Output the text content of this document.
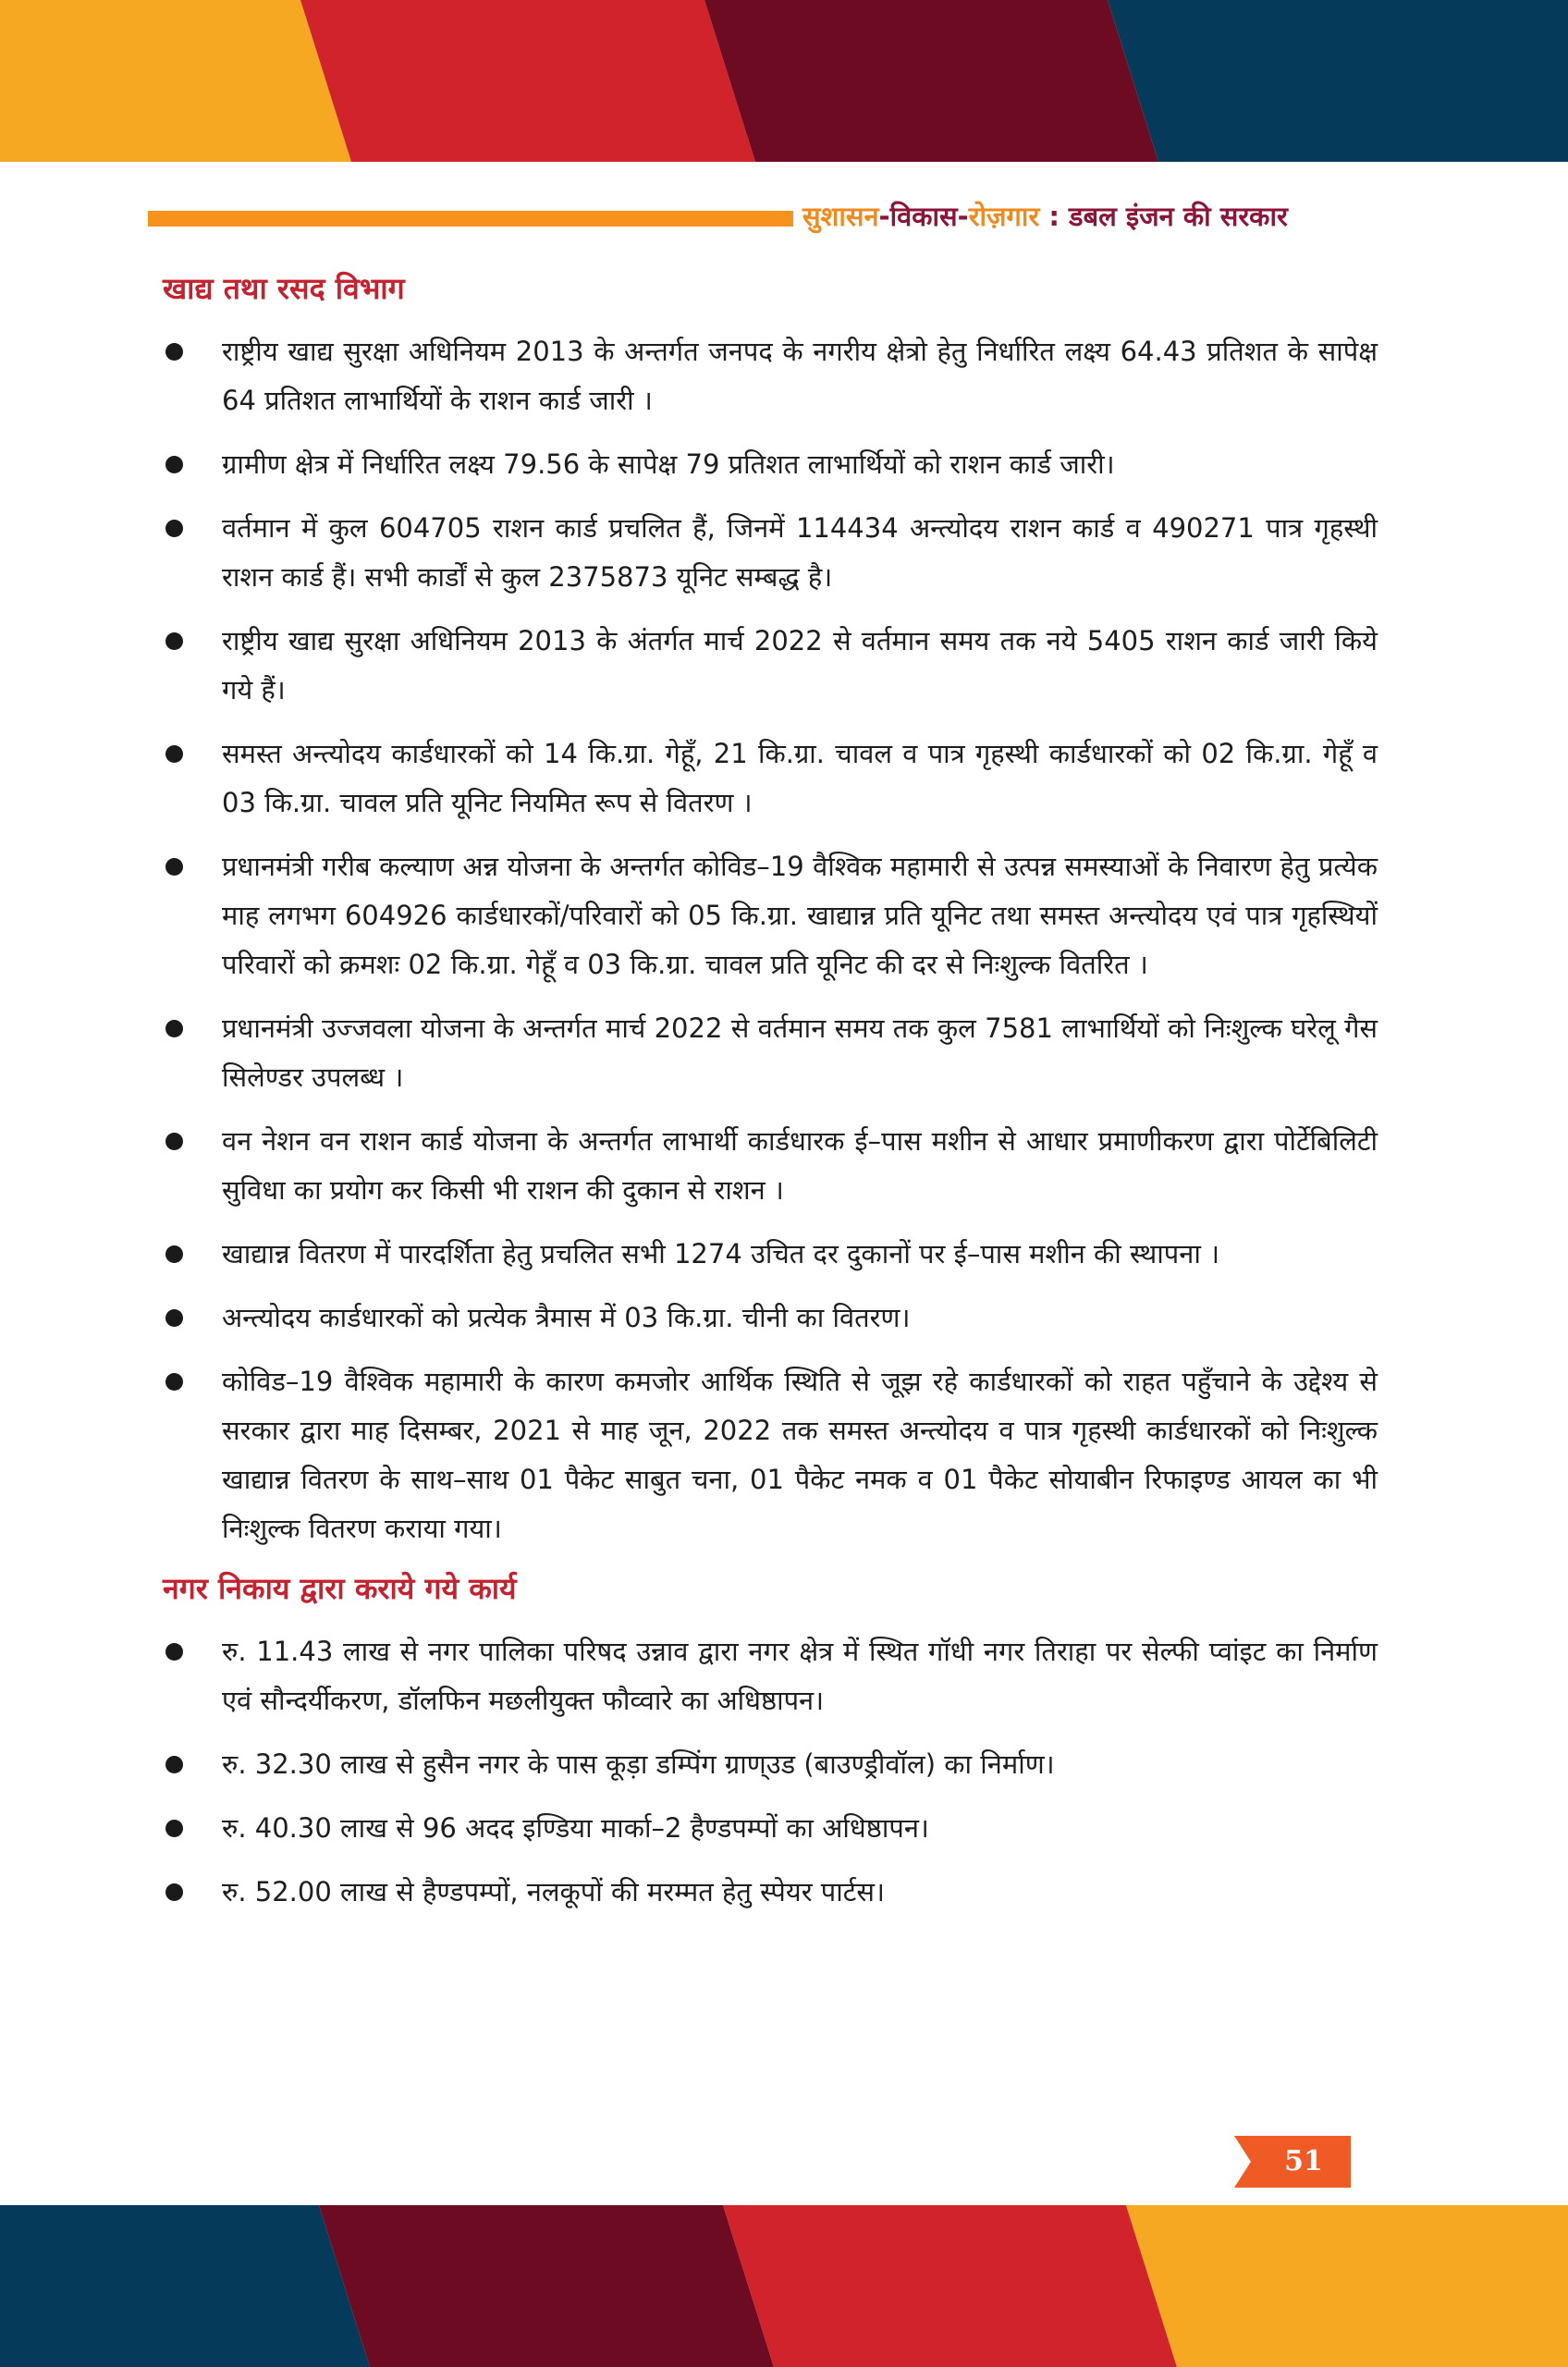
सुशासन-विकास-रोज़गार : डबल इंजन की सरकार
खाद्य तथा रसद विभाग
राष्ट्रीय खाद्य सुरक्षा अधिनियम 2013 के अन्तर्गत जनपद के नगरीय क्षेत्रो हेतु निर्धारित लक्ष्य 64.43 प्रतिशत के सापेक्ष 64 प्रतिशत लाभार्थियों के राशन कार्ड जारी ।
ग्रामीण क्षेत्र में निर्धारित लक्ष्य 79.56 के सापेक्ष 79 प्रतिशत लाभार्थियों को राशन कार्ड जारी।
वर्तमान में कुल 604705 राशन कार्ड प्रचलित हैं, जिनमें 114434 अन्त्योदय राशन कार्ड व 490271 पात्र गृहस्थी राशन कार्ड हैं। सभी कार्डों से कुल 2375873 यूनिट सम्बद्ध है।
राष्ट्रीय खाद्य सुरक्षा अधिनियम 2013 के अंतर्गत मार्च 2022 से वर्तमान समय तक नये 5405 राशन कार्ड जारी किये गये हैं।
समस्त अन्त्योदय कार्डधारकों को 14 कि.ग्रा. गेहूँ, 21 कि.ग्रा. चावल व पात्र गृहस्थी कार्डधारकों को 02 कि.ग्रा. गेहूँ व 03 कि.ग्रा. चावल प्रति यूनिट नियमित रूप से वितरण ।
प्रधानमंत्री गरीब कल्याण अन्न योजना के अन्तर्गत कोविड–19 वैश्विक महामारी से उत्पन्न समस्याओं के निवारण हेतु प्रत्येक माह लगभग 604926 कार्डधारकों/परिवारों को 05 कि.ग्रा. खाद्यान्न प्रति यूनिट तथा समस्त अन्त्योदय एवं पात्र गृहस्थियों परिवारों को क्रमशः 02 कि.ग्रा. गेहूँ व 03 कि.ग्रा. चावल प्रति यूनिट की दर से निःशुल्क वितरित ।
प्रधानमंत्री उज्जवला योजना के अन्तर्गत मार्च 2022 से वर्तमान समय तक कुल 7581 लाभार्थियों को निःशुल्क घरेलू गैस सिलेण्डर उपलब्ध ।
वन नेशन वन राशन कार्ड योजना के अन्तर्गत लाभार्थी कार्डधारक ई–पास मशीन से आधार प्रमाणीकरण द्वारा पोर्टेबिलिटी सुविधा का प्रयोग कर किसी भी राशन की दुकान से राशन ।
खाद्यान्न वितरण में पारदर्शिता हेतु प्रचलित सभी 1274 उचित दर दुकानों पर ई–पास मशीन की स्थापना ।
अन्त्योदय कार्डधारकों को प्रत्येक त्रैमास में 03 कि.ग्रा. चीनी का वितरण।
कोविड–19 वैश्विक महामारी के कारण कमजोर आर्थिक स्थिति से जूझ रहे कार्डधारकों को राहत पहुँचाने के उद्देश्य से सरकार द्वारा माह दिसम्बर, 2021 से माह जून, 2022 तक समस्त अन्त्योदय व पात्र गृहस्थी कार्डधारकों को निःशुल्क खाद्यान्न वितरण के साथ–साथ 01 पैकेट साबुत चना, 01 पैकेट नमक व 01 पैकेट सोयाबीन रिफाइण्ड आयल का भी निःशुल्क वितरण कराया गया।
नगर निकाय द्वारा कराये गये कार्य
रु. 11.43 लाख से नगर पालिका परिषद उन्नाव द्वारा नगर क्षेत्र में स्थित गॉधी नगर तिराहा पर सेल्फी प्वांइट का निर्माण एवं सौन्दर्यीकरण, डॉलफिन मछलीयुक्त फौव्वारे का अधिष्ठापन।
रु. 32.30 लाख से हुसैन नगर के पास कूड़ा डम्पिंग ग्राण्उड (बाउण्ड्रीवॉल) का निर्माण।
रु. 40.30 लाख से 96 अदद इण्डिया मार्का–2 हैण्डपम्पों का अधिष्ठापन।
रु. 52.00 लाख से हैण्डपम्पों, नलकूपों की मरम्मत हेतु स्पेयर पार्टस।
51
